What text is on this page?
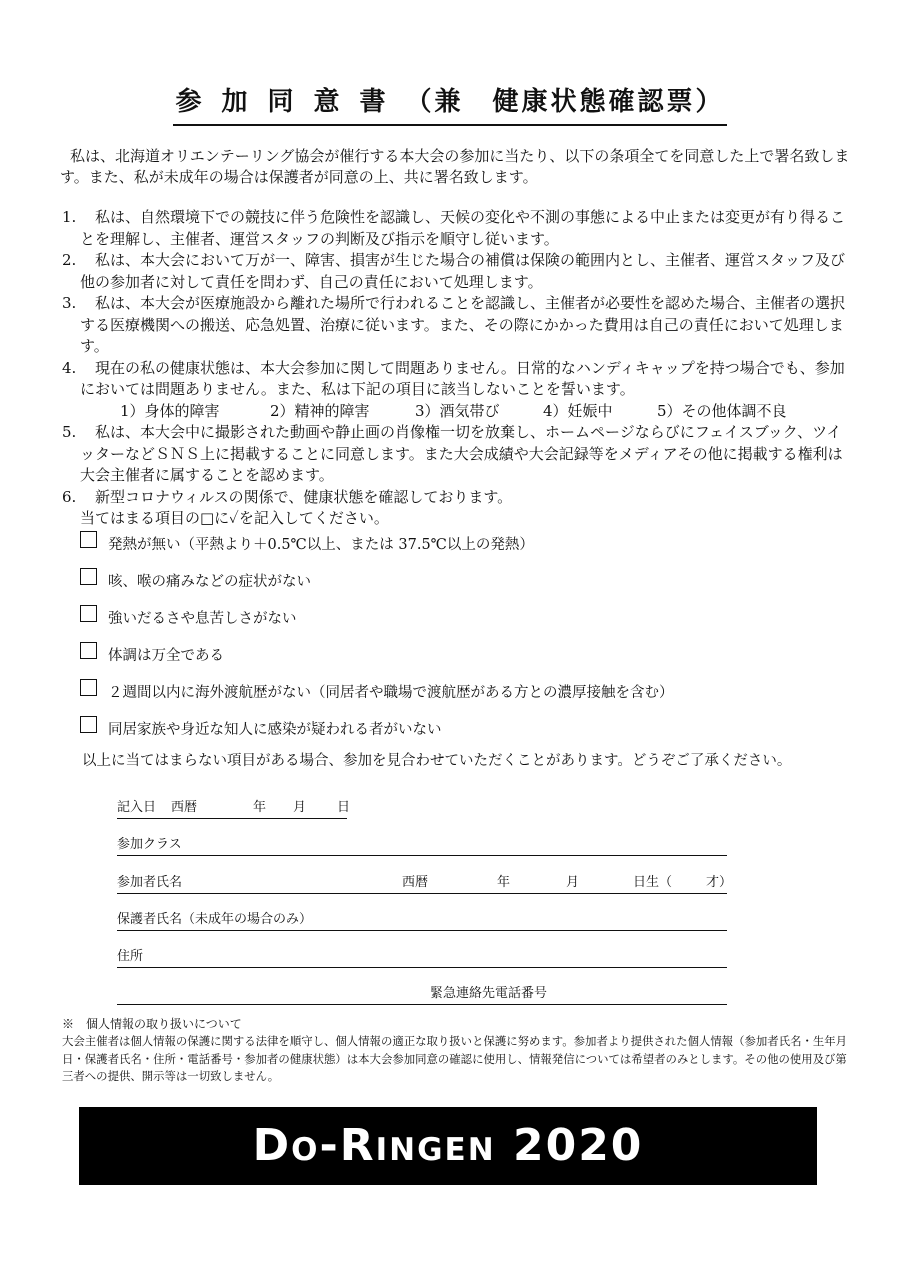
参加同意書（兼　健康状態確認票）
私は、北海道オリエンテーリング協会が催行する本大会の参加に当たり、以下の条項全てを同意した上で署名致します。また、私が未成年の場合は保護者が同意の上、共に署名致します。
1.	私は、自然環境下での競技に伴う危険性を認識し、天候の変化や不測の事態による中止または変更が有り得ることを理解し、主催者、運営スタッフの判断及び指示を順守し従います。
2.	私は、本大会において万が一、障害、損害が生じた場合の補償は保険の範囲内とし、主催者、運営スタッフ及び他の参加者に対して責任を問わず、自己の責任において処理します。
3.	私は、本大会が医療施設から離れた場所で行われることを認識し、主催者が必要性を認めた場合、主催者の選択する医療機関への搬送、応急処置、治療に従います。また、その際にかかった費用は自己の責任において処理します。
4.	現在の私の健康状態は、本大会参加に関して問題ありません。日常的なハンディキャップを持つ場合でも、参加においては問題ありません。また、私は下記の項目に該当しないことを誓います。
1）身体的障害	2）精神的障害	3）酒気帯び	4）妊娠中	5）その他体調不良
5.	私は、本大会中に撮影された動画や静止画の肖像権一切を放棄し、ホームページならびにフェイスブック、ツイッターなどＳＮＳ上に掲載することに同意します。また大会成績や大会記録等をメディアその他に掲載する権利は大会主催者に属することを認めます。
6.	新型コロナウィルスの関係で、健康状態を確認しております。
当てはまる項目の□に✓を記入してください。
発熱が無い（平熱より＋0.5℃以上、または 37.5℃以上の発熱）
咳、喉の痛みなどの症状がない
強いだるさや息苦しさがない
体調は万全である
２週間以内に海外渡航歴がない（同居者や職場で渡航歴がある方との濃厚接触を含む）
同居家族や身近な知人に感染が疑われる者がいない
以上に当てはまらない項目がある場合、参加を見合わせていただくことがあります。どうぞご了承ください。
記入日 西暦	年 月 日
参加クラス
参加者氏名	西暦	年	月	日生（	才）
保護者氏名（未成年の場合のみ）
住所
緊急連絡先電話番号
※　個人情報の取り扱いについて
大会主催者は個人情報の保護に関する法律を順守し、個人情報の適正な取り扱いと保護に努めます。参加者より提供された個人情報（参加者氏名・生年月日・保護者氏名・住所・電話番号・参加者の健康状態）は本大会参加同意の確認に使用し、情報発信については希望者のみとします。その他の使用及び第三者への提供、開示等は一切致しません。
Do-Ringen 2020
